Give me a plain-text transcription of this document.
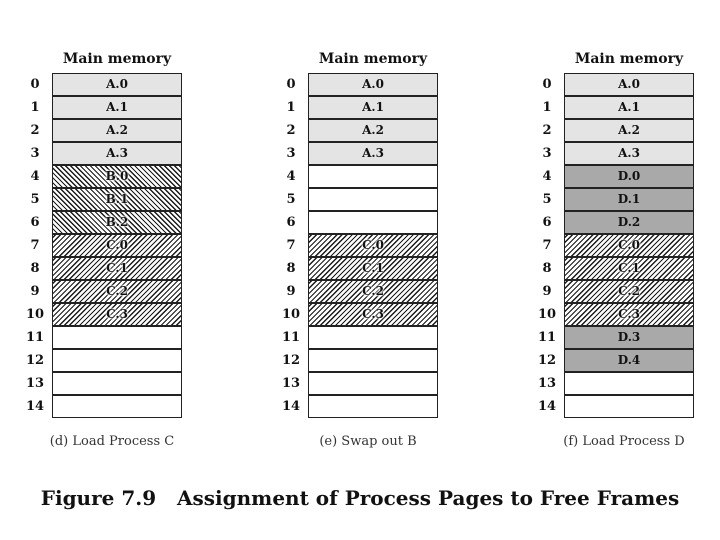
Main memory
0	A.0
1	A.1
2	A.2
3	A.3
4	B.0
5	B.1
6	B.2
7	C.0
8	C.1
9	C.2
10	C.3
11
12
13
14
Main memory
0	A.0
1	A.1
2	A.2
3	A.3
4
5
6
7	C.0
8	C.1
9	C.2
10	C.3
11
12
13
14
Main memory
0	A.0
1	A.1
2	A.2
3	A.3
4	D.0
5	D.1
6	D.2
7	C.0
8	C.1
9	C.2
10	C.3
11	D.3
12	D.4
13
14
(d) Load Process C	(e) Swap out B	(f) Load Process D
Figure 7.9   Assignment of Process Pages to Free Frames
